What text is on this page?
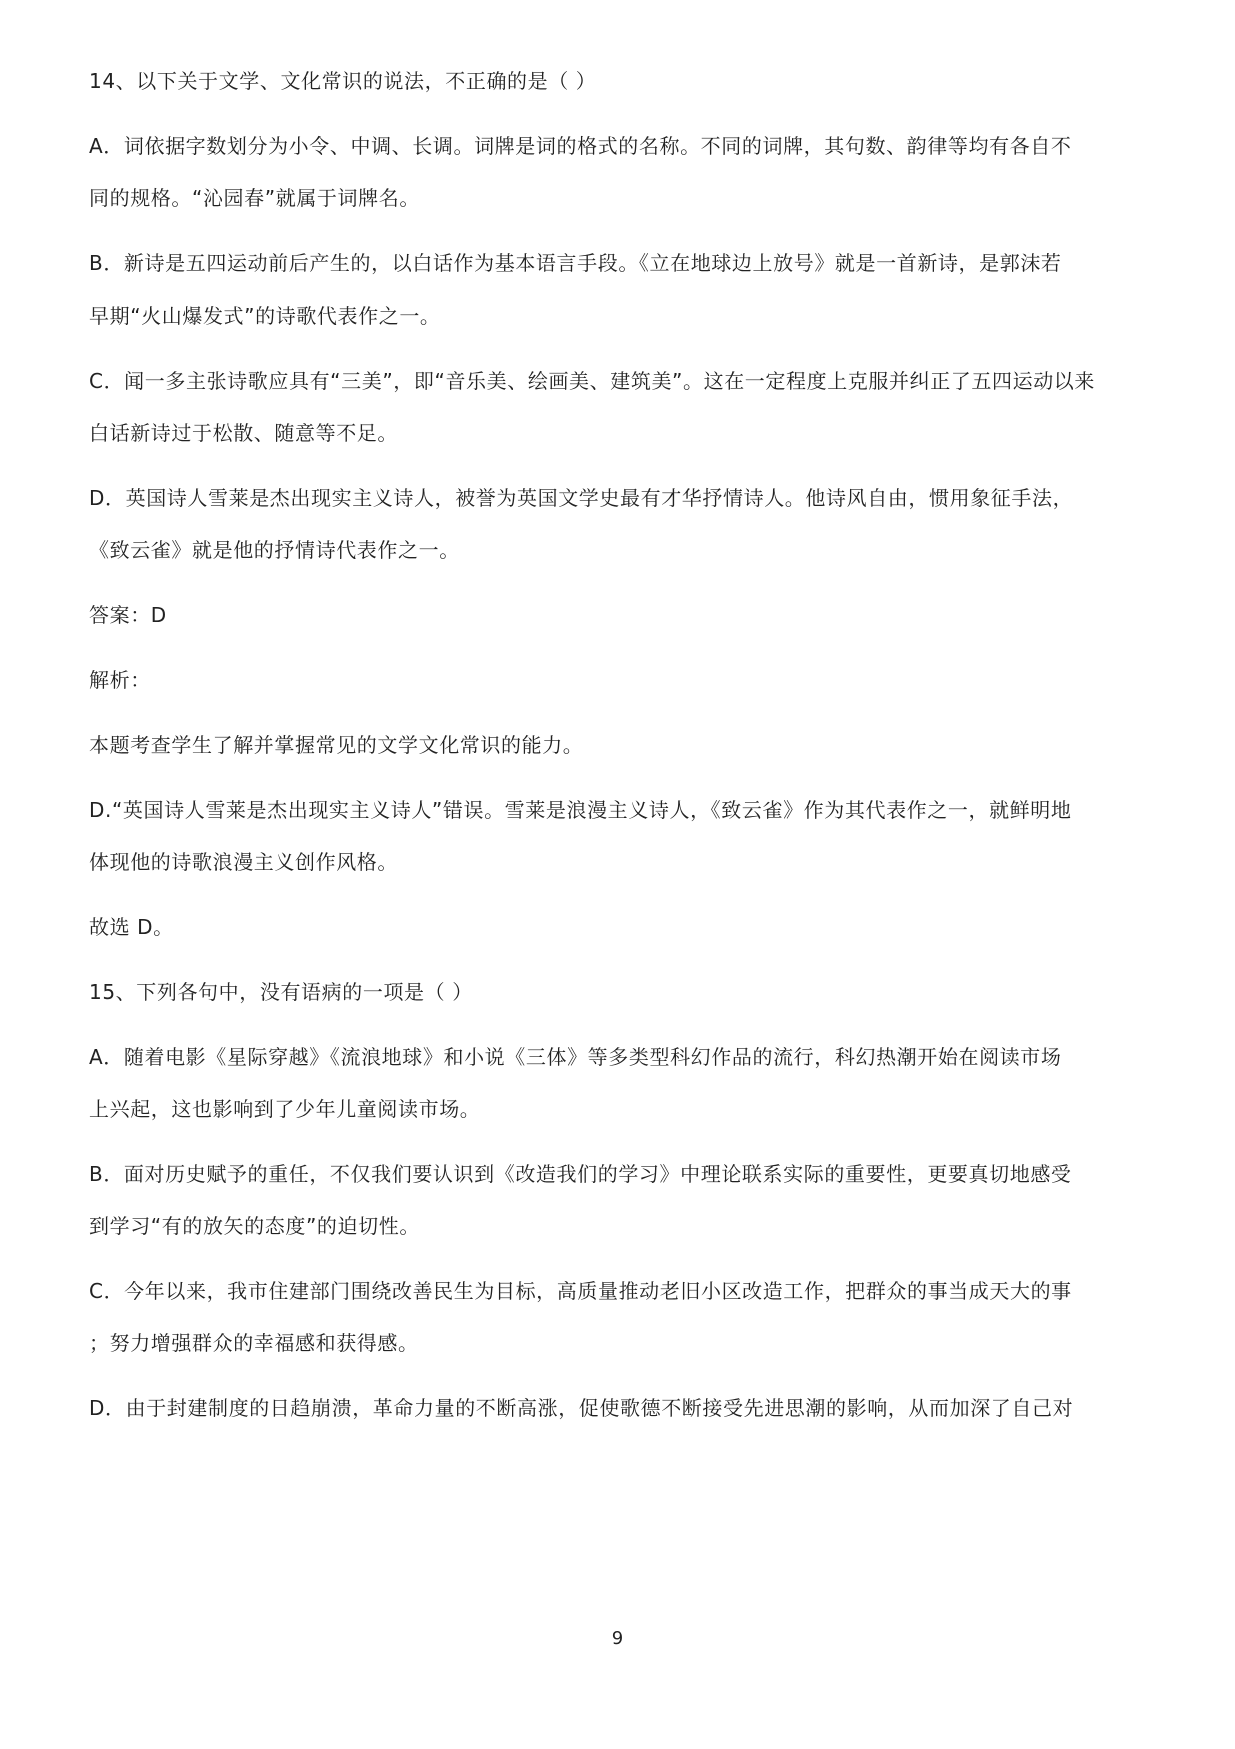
14、以下关于文学、文化常识的说法，不正确的是（ ）
A．词依据字数划分为小令、中调、长调。词牌是词的格式的名称。不同的词牌，其句数、韵律等均有各自不
同的规格。“沁园春”就属于词牌名。
B．新诗是五四运动前后产生的，以白话作为基本语言手段。《立在地球边上放号》就是一首新诗，是郭沫若
早期“火山爆发式”的诗歌代表作之一。
C．闻一多主张诗歌应具有“三美”，即“音乐美、绘画美、建筑美”。这在一定程度上克服并纠正了五四运动以来
白话新诗过于松散、随意等不足。
D．英国诗人雪莱是杰出现实主义诗人，被誉为英国文学史最有才华抒情诗人。他诗风自由，惯用象征手法，
《致云雀》就是他的抒情诗代表作之一。
答案：D
解析：
本题考查学生了解并掌握常见的文学文化常识的能力。
D.“英国诗人雪莱是杰出现实主义诗人”错误。雪莱是浪漫主义诗人，《致云雀》作为其代表作之一，就鲜明地
体现他的诗歌浪漫主义创作风格。
故选 D。
15、下列各句中，没有语病的一项是（ ）
A．随着电影《星际穿越》《流浪地球》和小说《三体》等多类型科幻作品的流行，科幻热潮开始在阅读市场
上兴起，这也影响到了少年儿童阅读市场。
B．面对历史赋予的重任，不仅我们要认识到《改造我们的学习》中理论联系实际的重要性，更要真切地感受
到学习“有的放矢的态度”的迫切性。
C．今年以来，我市住建部门围绕改善民生为目标，高质量推动老旧小区改造工作，把群众的事当成天大的事
；努力增强群众的幸福感和获得感。
D．由于封建制度的日趋崩溃，革命力量的不断高涨，促使歌德不断接受先进思潮的影响，从而加深了自己对
9
